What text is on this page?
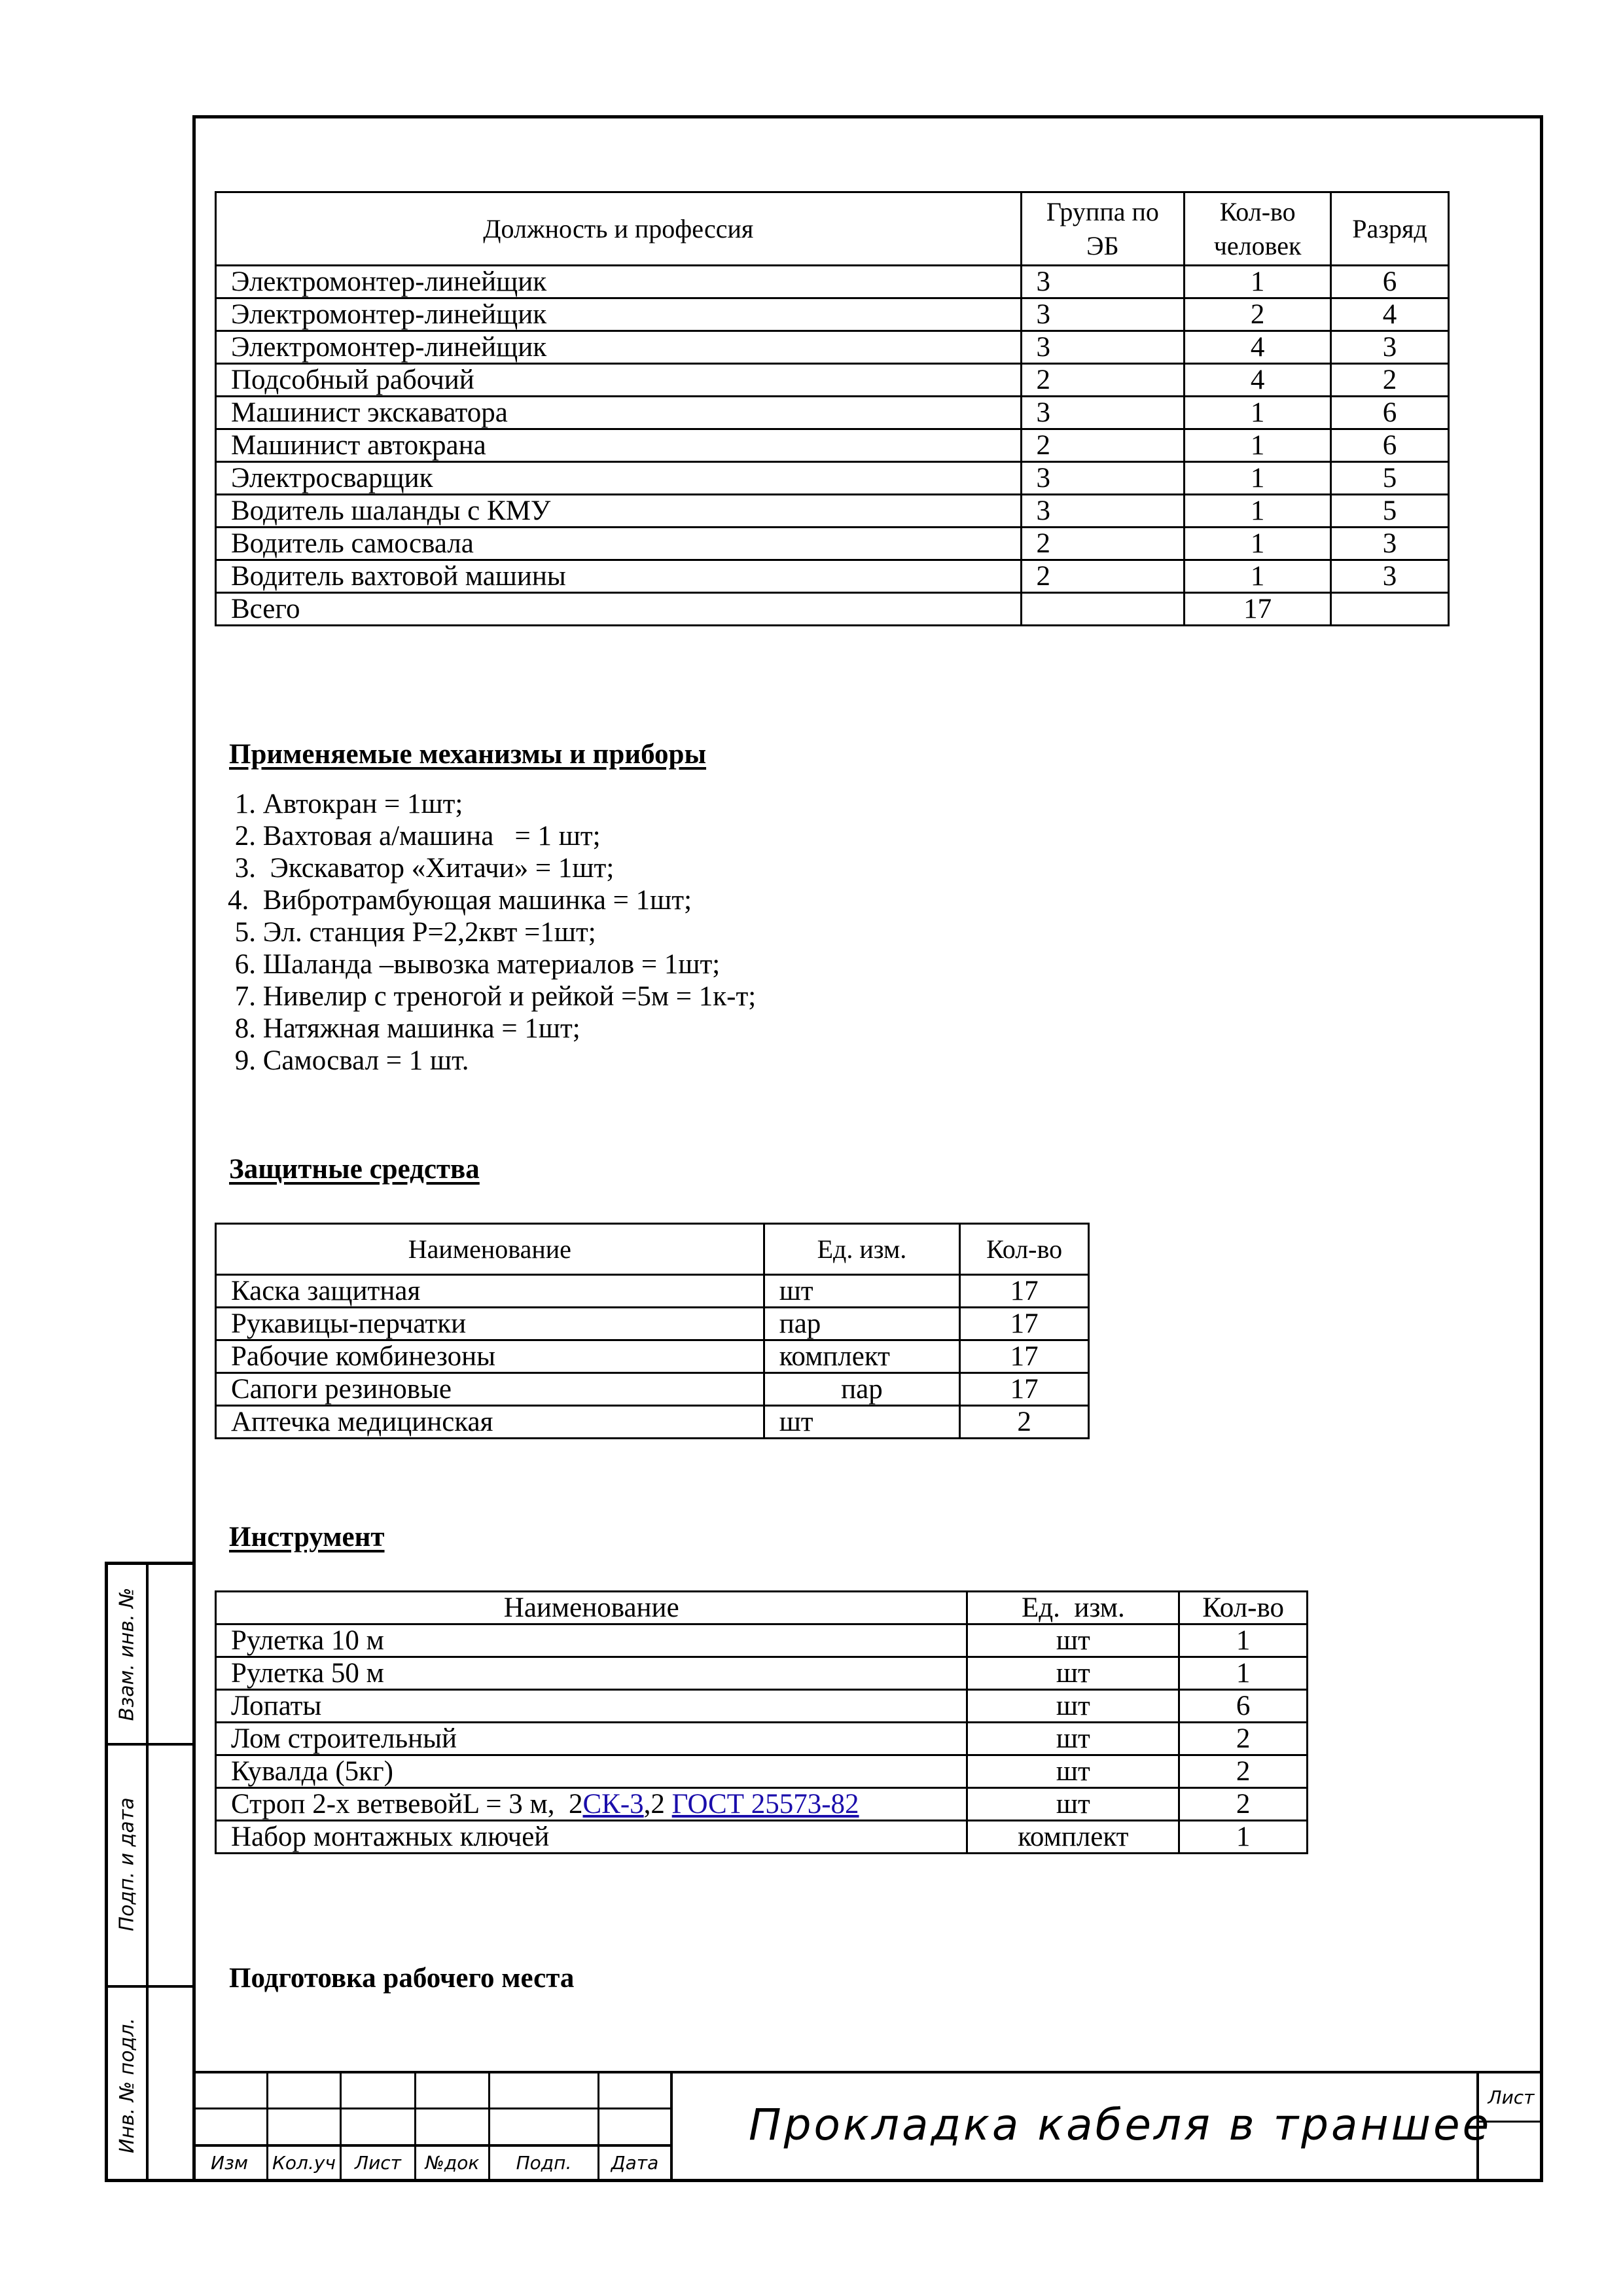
Должность и профессия	Группа по ЭБ	Кол-во человек	Разряд
Электромонтер-линейщик	3	1	6
Электромонтер-линейщик	3	2	4
Электромонтер-линейщик	3	4	3
Подсобный рабочий	2	4	2
Машинист экскаватора	3	1	6
Машинист автокрана	2	1	6
Электросварщик	3	1	5
Водитель шаланды с КМУ	3	1	5
Водитель самосвала	2	1	3
Водитель вахтовой машины	2	1	3
Всего		17	
Применяемые механизмы и приборы
1. Автокран = 1шт;
2. Вахтовая а/машина   = 1 шт;
3.  Экскаватор «Хитачи» = 1шт;
4.  Вибротрамбующая машинка = 1шт;
5. Эл. станция Р=2,2квт =1шт;
6. Шаланда –вывозка материалов = 1шт;
7. Нивелир с треногой и рейкой =5м = 1к-т;
8. Натяжная машинка = 1шт;
9. Самосвал = 1 шт.
Защитные средства
Наименование	Ед. изм.	Кол-во
Каска защитная	шт	17
Рукавицы-перчатки	пар	17
Рабочие комбинезоны	комплект	17
Сапоги резиновые	пар	17
Аптечка медицинская	шт	2
Инструмент
Наименование	Ед.  изм.	Кол-во
Рулетка 10 м	шт	1
Рулетка 50 м	шт	1
Лопаты	шт	6
Лом строительный	шт	2
Кувалда (5кг)	шт	2
Строп 2-х ветвевойL = 3 м,  2СК-3,2 ГОСТ 25573-82	шт	2
Набор монтажных ключей	комплект	1
Подготовка рабочего места
Взам. инв. №
Подп. и дата
Инв. № подл.
Изм	Кол.уч	Лист	№док	Подп.	Дата
Прокладка кабеля в траншее
Лист
